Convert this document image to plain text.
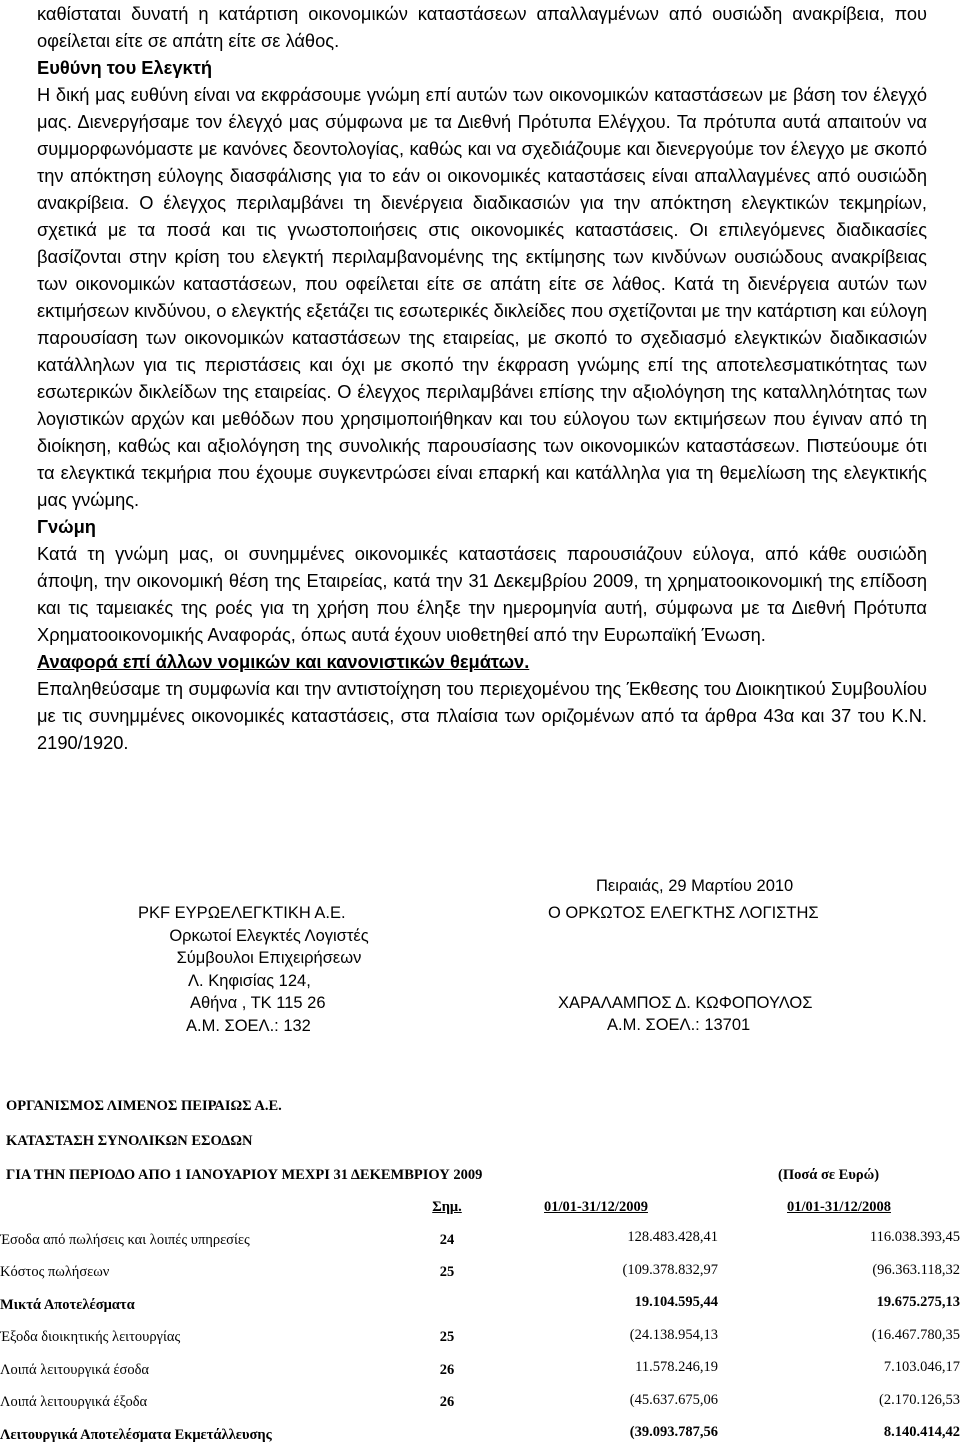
καθίσταται δυνατή η κατάρτιση οικονομικών καταστάσεων απαλλαγμένων από ουσιώδη ανακρίβεια, που οφείλεται είτε σε απάτη είτε σε λάθος.

Ευθύνη του Ελεγκτή

Η δική μας ευθύνη είναι να εκφράσουμε γνώμη επί αυτών των οικονομικών καταστάσεων με βάση τον έλεγχό μας. Διενεργήσαμε τον έλεγχό μας σύμφωνα με τα Διεθνή Πρότυπα Ελέγχου. Τα πρότυπα αυτά απαιτούν να συμμορφωνόμαστε με κανόνες δεοντολογίας, καθώς και να σχεδιάζουμε και διενεργούμε τον έλεγχο με σκοπό την απόκτηση εύλογης διασφάλισης για το εάν οι οικονομικές καταστάσεις είναι απαλλαγμένες από ουσιώδη ανακρίβεια. Ο έλεγχος περιλαμβάνει τη διενέργεια διαδικασιών για την απόκτηση ελεγκτικών τεκμηρίων, σχετικά με τα ποσά και τις γνωστοποιήσεις στις οικονομικές καταστάσεις. Οι επιλεγόμενες διαδικασίες βασίζονται στην κρίση του ελεγκτή περιλαμβανομένης της εκτίμησης των κινδύνων ουσιώδους ανακρίβειας των οικονομικών καταστάσεων, που οφείλεται είτε σε απάτη είτε σε λάθος. Κατά τη διενέργεια αυτών των εκτιμήσεων κινδύνου, ο ελεγκτής εξετάζει τις εσωτερικές δικλείδες που σχετίζονται με την κατάρτιση και εύλογη παρουσίαση των οικονομικών καταστάσεων της εταιρείας, με σκοπό το σχεδιασμό ελεγκτικών διαδικασιών κατάλληλων για τις περιστάσεις και όχι με σκοπό την έκφραση γνώμης επί της αποτελεσματικότητας των εσωτερικών δικλείδων της εταιρείας. Ο έλεγχος περιλαμβάνει επίσης την αξιολόγηση της καταλληλότητας των λογιστικών αρχών και μεθόδων που χρησιμοποιήθηκαν και του εύλογου των εκτιμήσεων που έγιναν από τη διοίκηση, καθώς και αξιολόγηση της συνολικής παρουσίασης των οικονομικών καταστάσεων. Πιστεύουμε ότι τα ελεγκτικά τεκμήρια που έχουμε συγκεντρώσει είναι επαρκή και κατάλληλα για τη θεμελίωση της ελεγκτικής μας γνώμης.

Γνώμη

Κατά τη γνώμη μας, οι συνημμένες οικονομικές καταστάσεις παρουσιάζουν εύλογα, από κάθε ουσιώδη άποψη, την οικονομική θέση της Εταιρείας, κατά την 31 Δεκεμβρίου 2009, τη χρηματοοικονομική της επίδοση και τις ταμειακές της ροές για τη χρήση που έληξε την ημερομηνία αυτή, σύμφωνα με τα Διεθνή Πρότυπα Χρηματοοικονομικής Αναφοράς, όπως αυτά έχουν υιοθετηθεί από την Ευρωπαϊκή Ένωση.

Αναφορά επί άλλων νομικών και κανονιστικών θεμάτων.

Επαληθεύσαμε τη συμφωνία και την αντιστοίχηση του περιεχομένου της Έκθεσης του Διοικητικού Συμβουλίου με τις συνημμένες οικονομικές καταστάσεις, στα πλαίσια των οριζομένων από τα άρθρα 43α και 37 του Κ.Ν. 2190/1920.

Πειραιάς, 29 Μαρτίου 2010
PKF ΕΥΡΩΕΛΕΓΚΤΙΚΗ Α.Ε.
Ορκωτοί Ελεγκτές Λογιστές
Σύμβουλοι Επιχειρήσεων
Λ. Κηφισίας 124,
Αθήνα , ΤΚ 115 26
Α.Μ. ΣΟΕΛ.: 132
Ο ΟΡΚΩΤΟΣ ΕΛΕΓΚΤΗΣ ΛΟΓΙΣΤΗΣ
ΧΑΡΑΛΑΜΠΟΣ Δ. ΚΩΦΟΠΟΥΛΟΣ
Α.Μ. ΣΟΕΛ.: 13701
ΟΡΓΑΝΙΣΜΟΣ ΛΙΜΕΝΟΣ ΠΕΙΡΑΙΩΣ Α.Ε.
ΚΑΤΑΣΤΑΣΗ ΣΥΝΟΛΙΚΩΝ ΕΣΟΔΩΝ
ΓΙΑ ΤΗΝ ΠΕΡΙΟΔΟ ΑΠΟ 1 ΙΑΝΟΥΑΡΙΟΥ ΜΕΧΡΙ 31 ΔΕΚΕΜΒΡΙΟΥ 2009	(Ποσά σε Ευρώ)
	Σημ.	01/01-31/12/2009	01/01-31/12/2008
Έσοδα από πωλήσεις και λοιπές υπηρεσίες	24	128.483.428,41	116.038.393,45
Κόστος πωλήσεων	25	(109.378.832,97	(96.363.118,32
Μικτά Αποτελέσματα		19.104.595,44	19.675.275,13
Έξοδα διοικητικής λειτουργίας	25	(24.138.954,13	(16.467.780,35
Λοιπά λειτουργικά έσοδα	26	11.578.246,19	7.103.046,17
Λοιπά λειτουργικά έξοδα	26	(45.637.675,06	(2.170.126,53
Λειτουργικά Αποτελέσματα Εκμετάλλευσης		(39.093.787,56	8.140.414,42
